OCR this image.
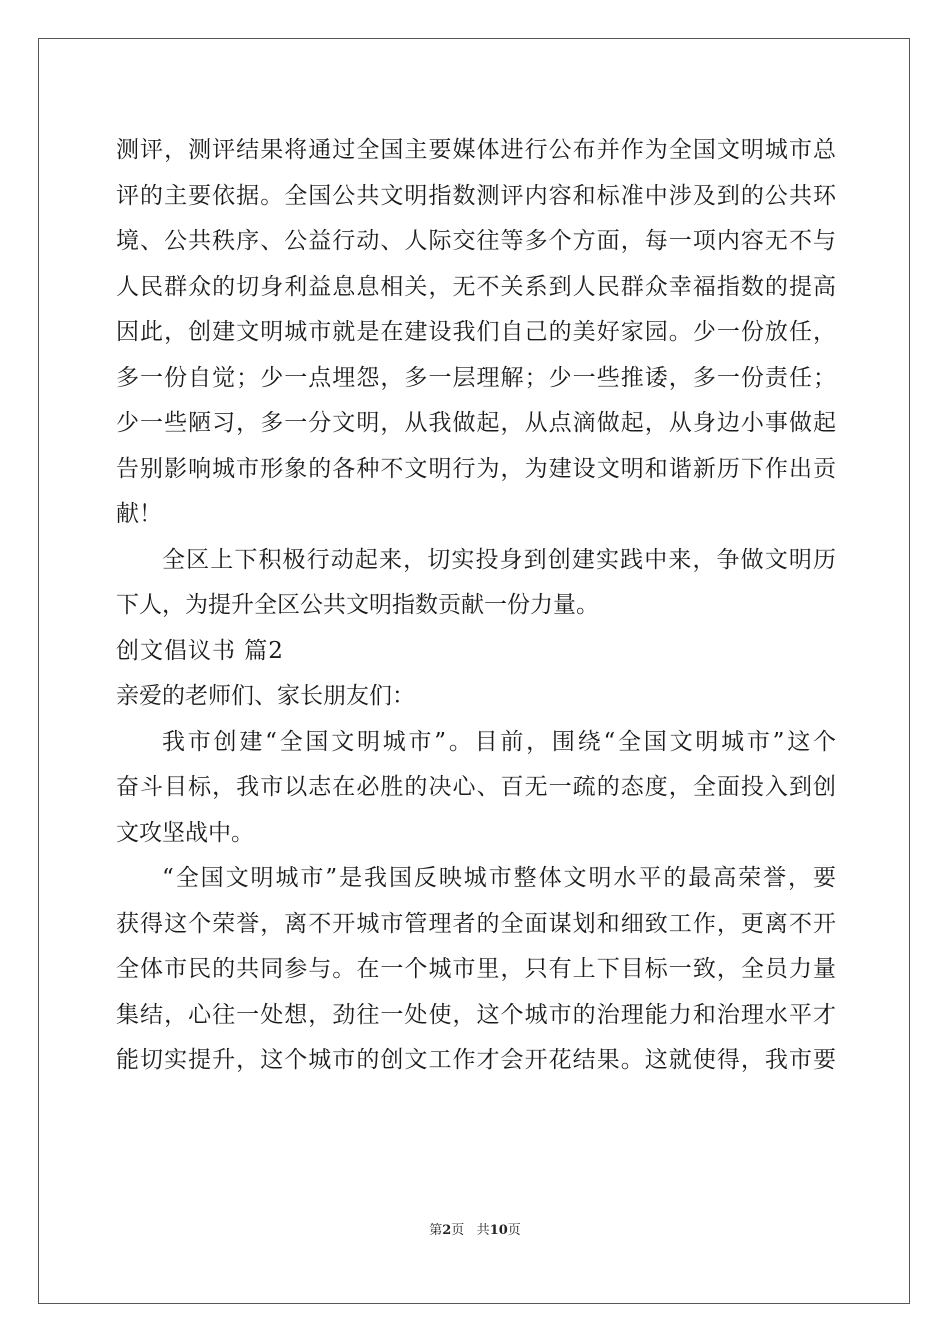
测评，测评结果将通过全国主要媒体进行公布并作为全国文明城市总
评的主要依据。全国公共文明指数测评内容和标准中涉及到的公共环
境、公共秩序、公益行动、人际交往等多个方面，每一项内容无不与
人民群众的切身利益息息相关，无不关系到人民群众幸福指数的提高
因此，创建文明城市就是在建设我们自己的美好家园。少一份放任，
多一份自觉；少一点埋怨，多一层理解；少一些推诿，多一份责任；
少一些陋习，多一分文明，从我做起，从点滴做起，从身边小事做起
告别影响城市形象的各种不文明行为，为建设文明和谐新历下作出贡
献！
全区上下积极行动起来，切实投身到创建实践中来，争做文明历
下人，为提升全区公共文明指数贡献一份力量。
创文倡议书 篇2
亲爱的老师们、家长朋友们：
我市创建“全国文明城市”。目前，围绕“全国文明城市”这个
奋斗目标，我市以志在必胜的决心、百无一疏的态度，全面投入到创
文攻坚战中。
“全国文明城市”是我国反映城市整体文明水平的最高荣誉，要
获得这个荣誉，离不开城市管理者的全面谋划和细致工作，更离不开
全体市民的共同参与。在一个城市里，只有上下目标一致，全员力量
集结，心往一处想，劲往一处使，这个城市的治理能力和治理水平才
能切实提升，这个城市的创文工作才会开花结果。这就使得，我市要
第2页 共10页
